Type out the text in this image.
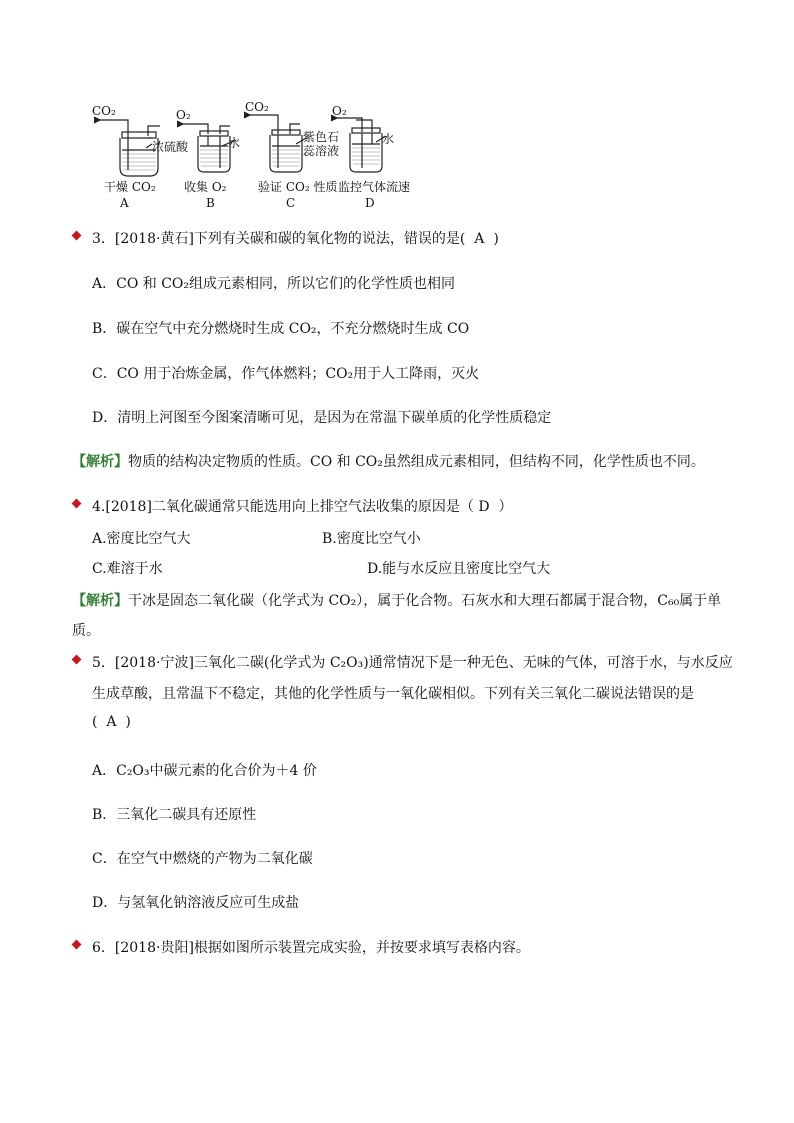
CO₂	O₂
CO₂	O₂
浓硫酸	水	紫色石
蕊溶液
水
干燥 CO₂ 收集 O₂	验证 CO₂ 性质 监控气体流速
A	B	C	D
3．[2018·黄石]下列有关碳和碳的氧化物的说法，错误的是( A )
A．CO 和 CO₂组成元素相同，所以它们的化学性质也相同
B．碳在空气中充分燃烧时生成 CO₂，不充分燃烧时生成 CO
C．CO 用于冶炼金属，作气体燃料；CO₂用于人工降雨，灭火
D．清明上河图至今图案清晰可见，是因为在常温下碳单质的化学性质稳定
【解析】物质的结构决定物质的性质。CO 和 CO₂虽然组成元素相同，但结构不同，化学性质也不同。
4.[2018]二氧化碳通常只能选用向上排空气法收集的原因是（ D ）
A.密度比空气大	B.密度比空气小
C.难溶于水	D.能与水反应且密度比空气大
【解析】干冰是固态二氧化碳（化学式为 CO₂），属于化合物。石灰水和大理石都属于混合物，C₆₀属于单
质。
5．[2018·宁波]三氧化二碳(化学式为 C₂O₃)通常情况下是一种无色、无味的气体，可溶于水，与水反应
生成草酸，且常温下不稳定，其他的化学性质与一氧化碳相似。下列有关三氧化二碳说法错误的是
( A )
A．C₂O₃中碳元素的化合价为＋4 价
B．三氧化二碳具有还原性
C．在空气中燃烧的产物为二氧化碳
D．与氢氧化钠溶液反应可生成盐
6．[2018·贵阳]根据如图所示装置完成实验，并按要求填写表格内容。
